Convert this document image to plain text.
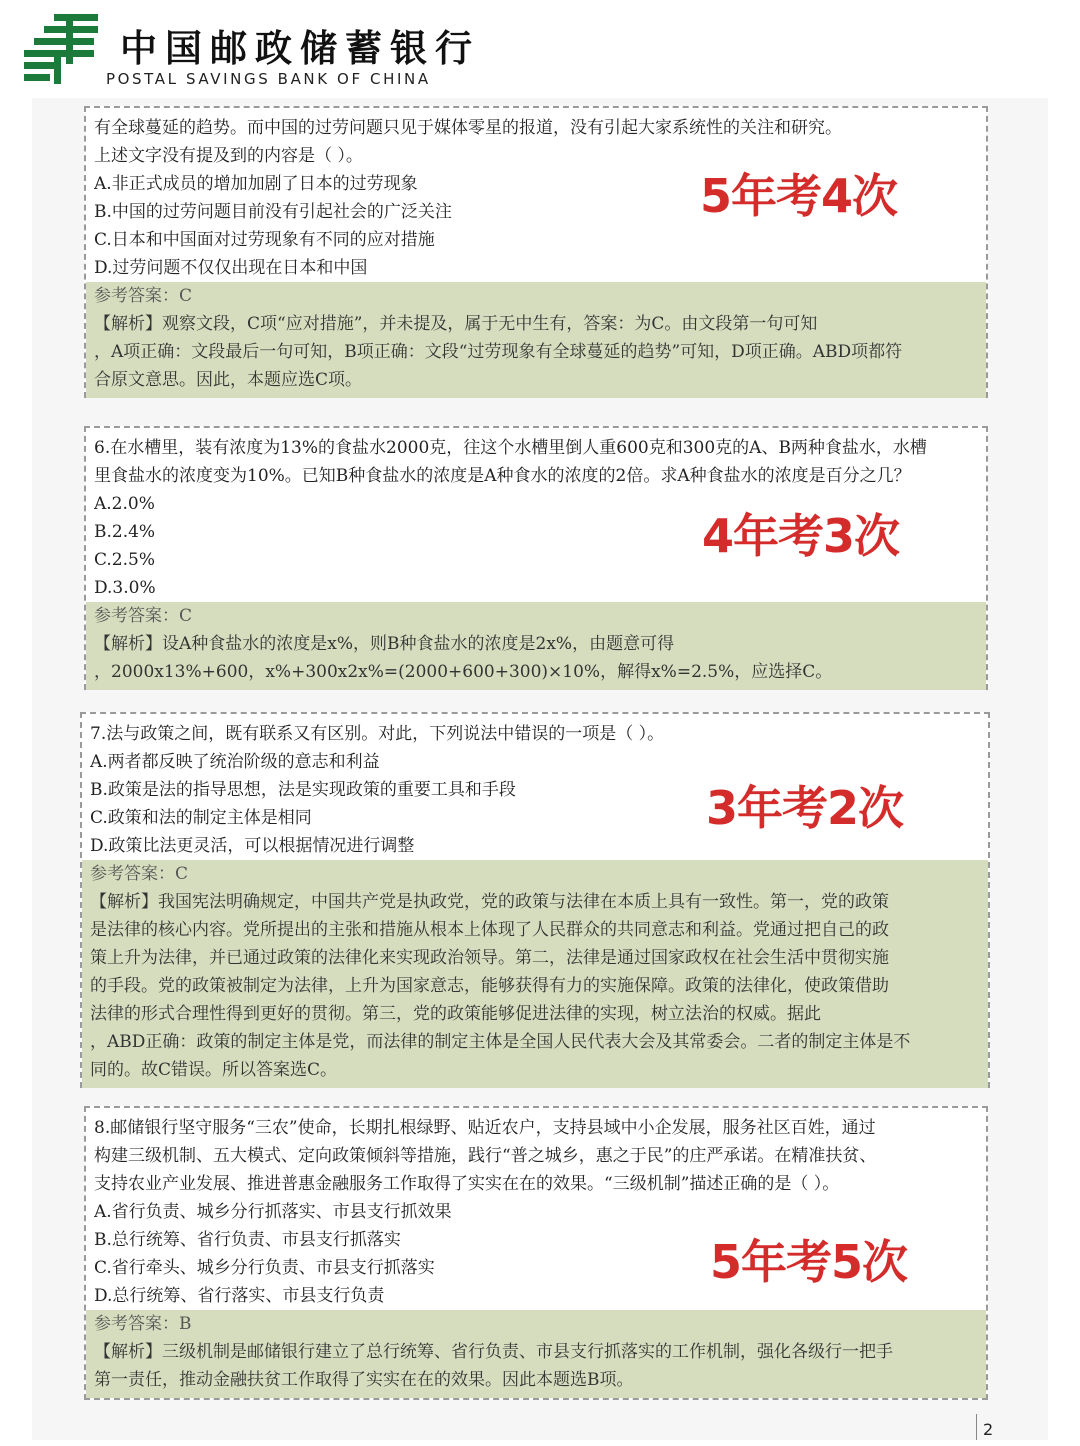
中国邮政储蓄银行
POSTAL SAVINGS BANK OF CHINA

有全球蔓延的趋势。而中国的过劳问题只见于媒体零星的报道，没有引起大家系统性的关注和研究。

上述文字没有提及到的内容是（ ）。

A.非正式成员的增加加剧了日本的过劳现象

B.中国的过劳问题目前没有引起社会的广泛关注

C.日本和中国面对过劳现象有不同的应对措施

D.过劳问题不仅仅出现在日本和中国

参考答案：C

【解析】观察文段，C项“应对措施”，并未提及，属于无中生有，答案：为C。由文段第一句可知

，A项正确：文段最后一句可知，B项正确：文段“过劳现象有全球蔓延的趋势”可知，D项正确。ABD项都符

合原文意思。因此，本题应选C项。

5年考4次

6.在水槽里，装有浓度为13%的食盐水2000克，往这个水槽里倒人重600克和300克的A、B两种食盐水，水槽

里食盐水的浓度变为10%。已知B种食盐水的浓度是A种食水的浓度的2倍。求A种食盐水的浓度是百分之几？

A.2.0%

B.2.4%

C.2.5%

D.3.0%

参考答案：C

【解析】设A种食盐水的浓度是x%，则B种食盐水的浓度是2x%，由题意可得

，2000x13%+600，x%+300x2x%=(2000+600+300)×10%，解得x%=2.5%，应选择C。

4年考3次

7.法与政策之间，既有联系又有区别。对此，下列说法中错误的一项是（ ）。

A.两者都反映了统治阶级的意志和利益

B.政策是法的指导思想，法是实现政策的重要工具和手段

C.政策和法的制定主体是相同

D.政策比法更灵活，可以根据情况进行调整

参考答案：C

【解析】我国宪法明确规定，中国共产党是执政党，党的政策与法律在本质上具有一致性。第一，党的政策

是法律的核心内容。党所提出的主张和措施从根本上体现了人民群众的共同意志和利益。党通过把自己的政

策上升为法律，并已通过政策的法律化来实现政治领导。第二，法律是通过国家政权在社会生活中贯彻实施

的手段。党的政策被制定为法律，上升为国家意志，能够获得有力的实施保障。政策的法律化，使政策借助

法律的形式合理性得到更好的贯彻。第三，党的政策能够促进法律的实现，树立法治的权威。据此

，ABD正确：政策的制定主体是党，而法律的制定主体是全国人民代表大会及其常委会。二者的制定主体是不

同的。故C错误。所以答案选C。

3年考2次

8.邮储银行坚守服务“三农”使命，长期扎根绿野、贴近农户，支持县域中小企发展，服务社区百姓，通过

构建三级机制、五大模式、定向政策倾斜等措施，践行“普之城乡，惠之于民”的庄严承诺。在精准扶贫、

支持农业产业发展、推进普惠金融服务工作取得了实实在在的效果。“三级机制”描述正确的是（ ）。

A.省行负责、城乡分行抓落实、市县支行抓效果

B.总行统筹、省行负责、市县支行抓落实

C.省行牵头、城乡分行负责、市县支行抓落实

D.总行统筹、省行落实、市县支行负责

参考答案：B

【解析】三级机制是邮储银行建立了总行统筹、省行负责、市县支行抓落实的工作机制，强化各级行一把手

第一责任，推动金融扶贫工作取得了实实在在的效果。因此本题选B项。

5年考5次
2
